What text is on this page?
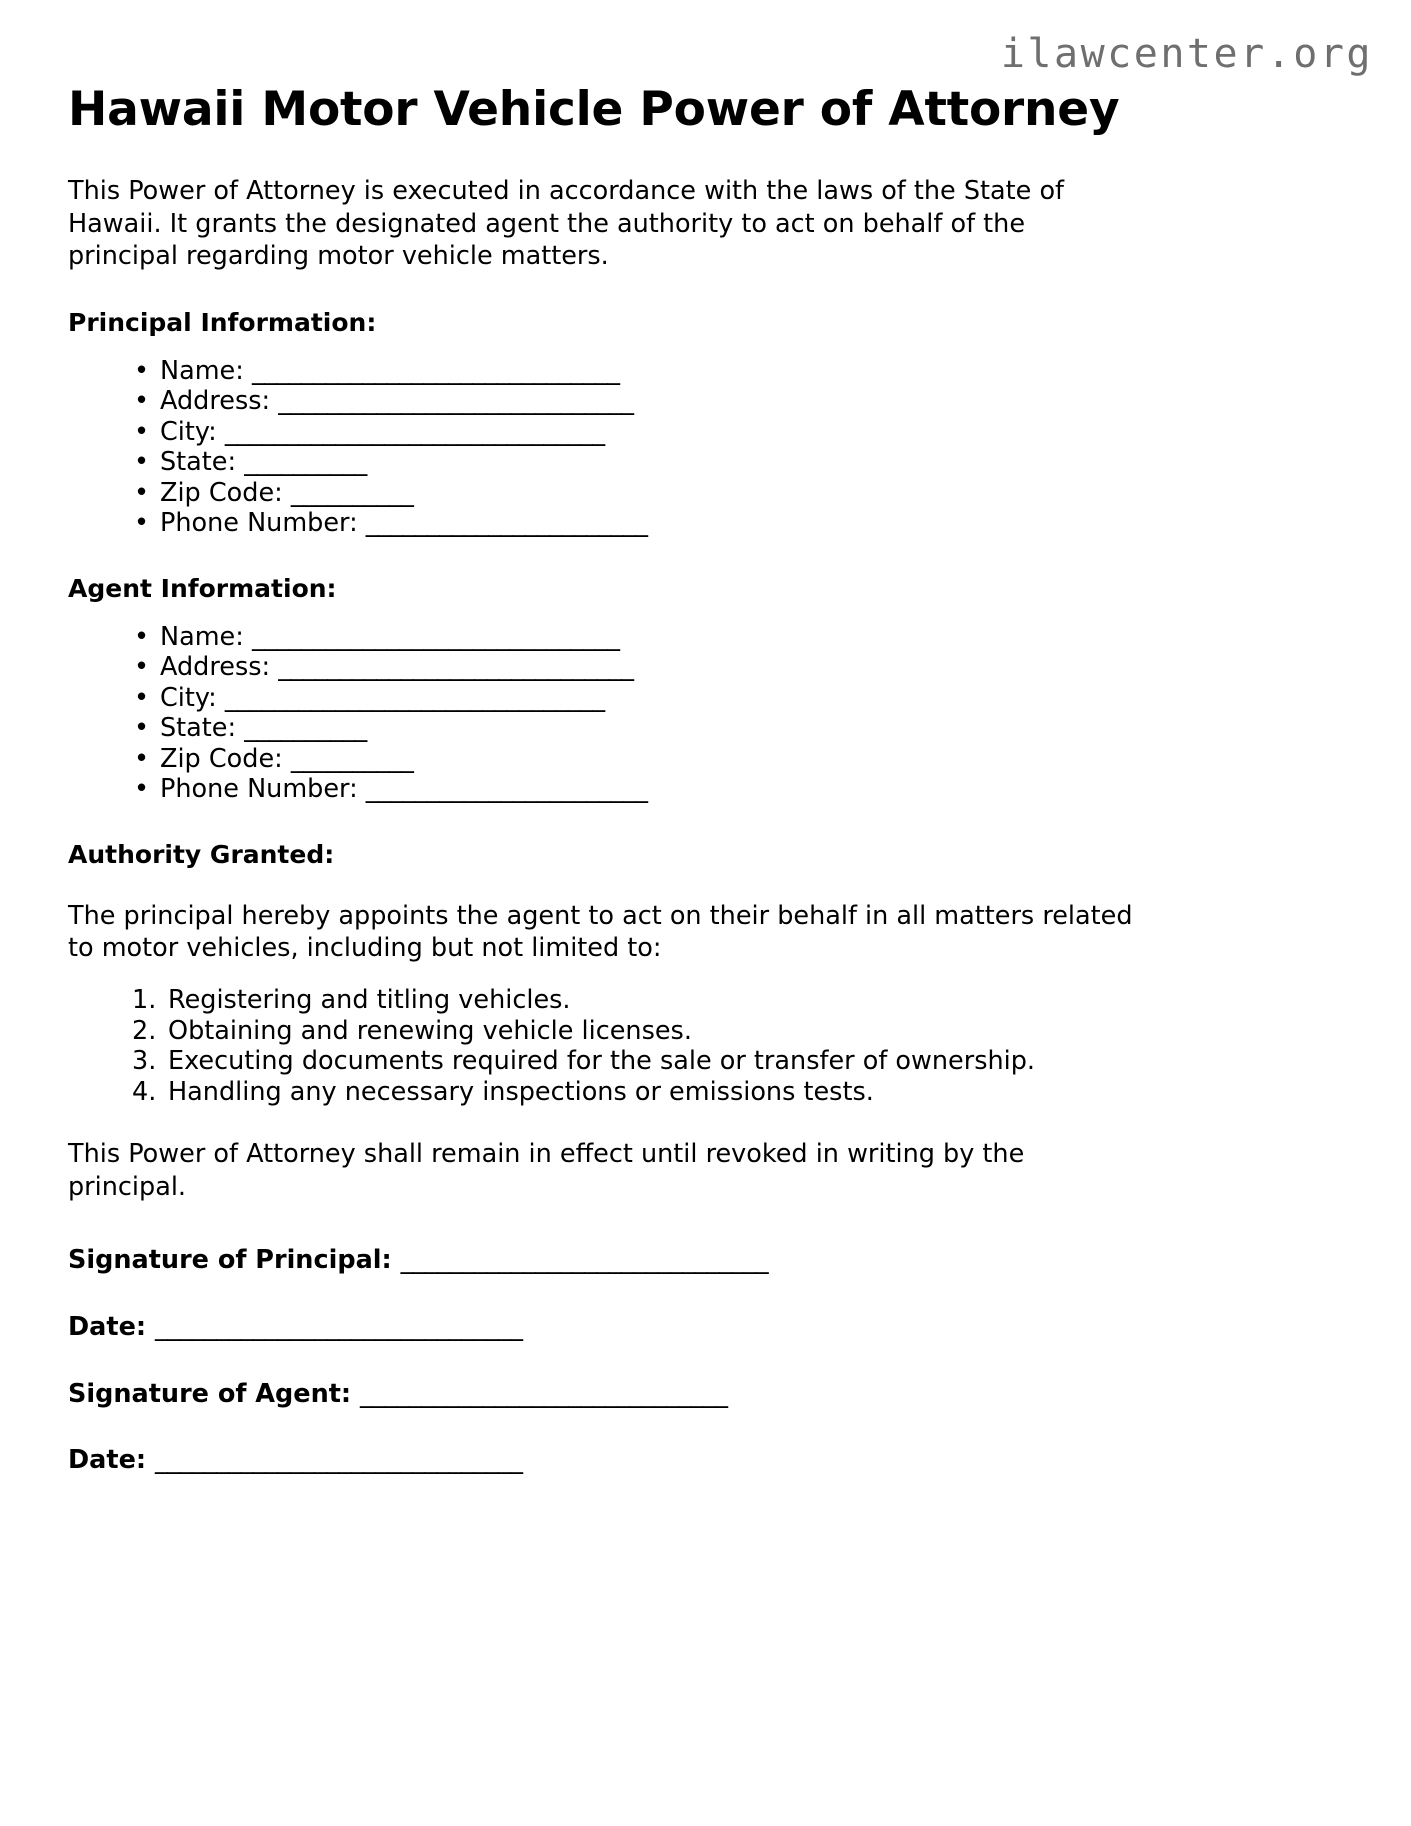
ilawcenter.org
Hawaii Motor Vehicle Power of Attorney

This Power of Attorney is executed in accordance with the laws of the State of Hawaii. It grants the designated agent the authority to act on behalf of the principal regarding motor vehicle matters.

Principal Information:
• Name: ______________________________
• Address: _____________________________
• City: _______________________________
• State: __________
• Zip Code: __________
• Phone Number: _______________________
Agent Information:
• Name: ______________________________
• Address: _____________________________
• City: _______________________________
• State: __________
• Zip Code: __________
• Phone Number: _______________________
Authority Granted:

The principal hereby appoints the agent to act on their behalf in all matters related to motor vehicles, including but not limited to:

Registering and titling vehicles.
Obtaining and renewing vehicle licenses.
Executing documents required for the sale or transfer of ownership.
Handling any necessary inspections or emissions tests.

This Power of Attorney shall remain in effect until revoked in writing by the principal.

Signature of Principal: ______________________________

Date: ______________________________

Signature of Agent: ______________________________

Date: ______________________________
